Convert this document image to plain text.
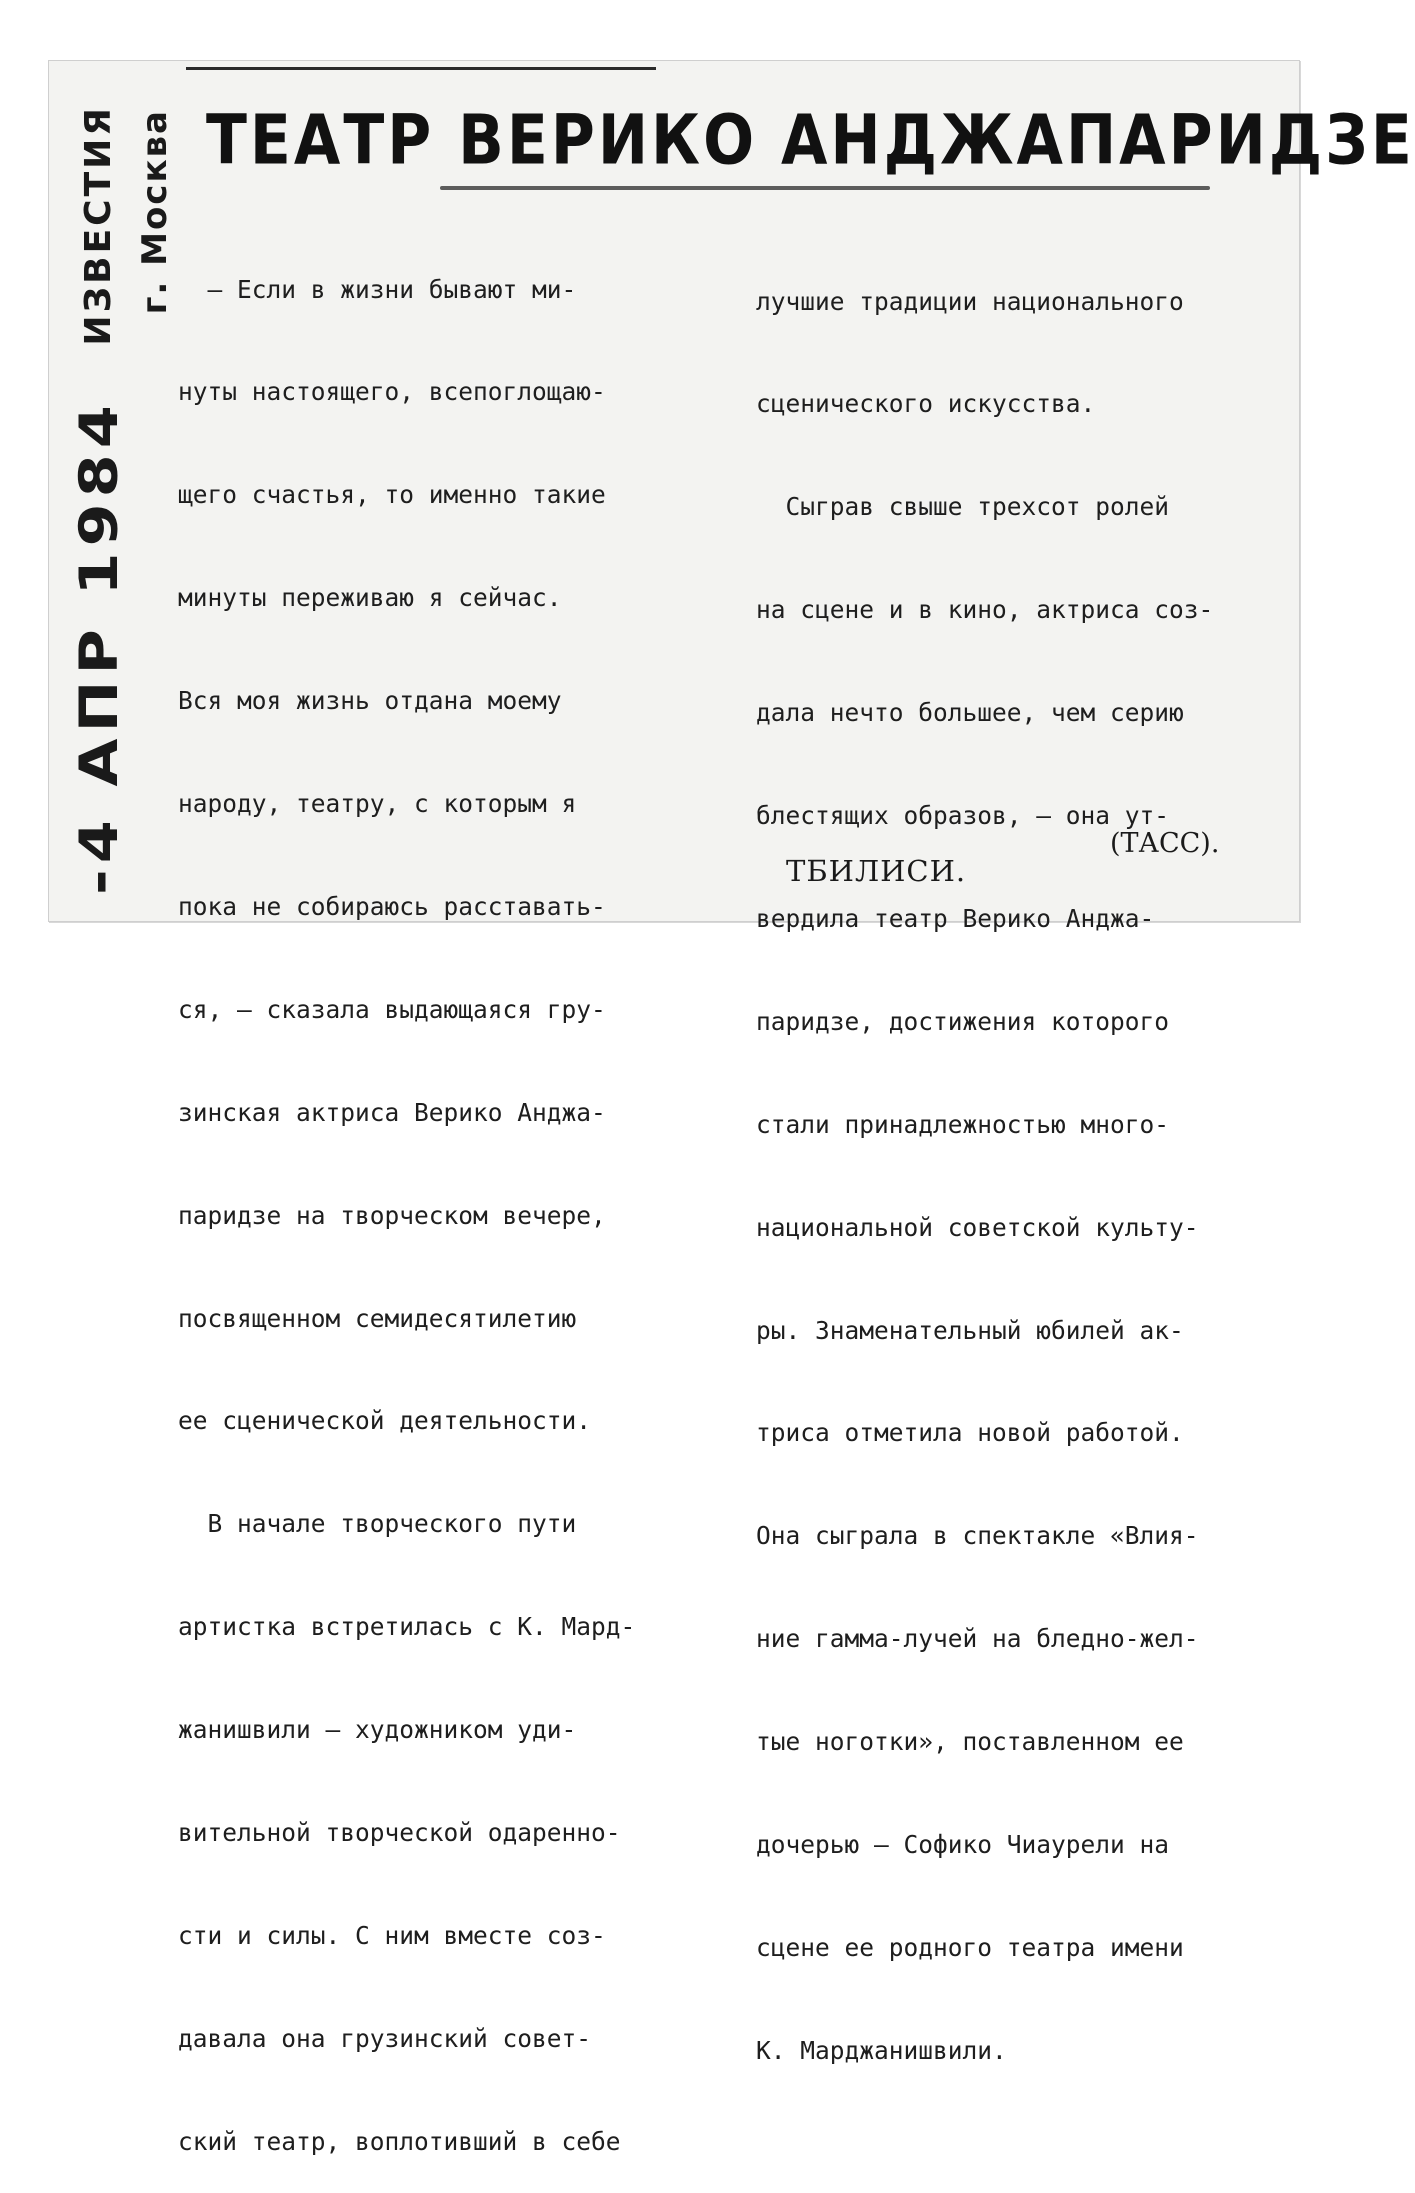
-4 АПР 1984
ИЗВЕСТИЯ г. Москва ТЕАТР ВЕРИКО АНДЖАПАРИДЗЕ

— Если в жизни бывают ми-

нуты настоящего, всепоглощаю-

щего счастья, то именно такие

минуты переживаю я сейчас.

Вся моя жизнь отдана моему

народу, театру, с которым я

пока не собираюсь расставать-

ся, — сказала выдающаяся гру-

зинская актриса Верико Анджа-

паридзе на творческом вечере,

посвященном семидесятилетию

ее сценической деятельности.

В начале творческого пути

артистка встретилась с К. Мард-

жанишвили — художником уди-

вительной творческой одаренно-

сти и силы. С ним вместе соз-

давала она грузинский совет-

ский театр, воплотивший в себе

лучшие традиции национального

сценического искусства.

Сыграв свыше трехсот ролей

на сцене и в кино, актриса соз-

дала нечто большее, чем серию

блестящих образов, — она ут-

вердила театр Верико Анджа-

паридзе, достижения которого

стали принадлежностью много-

национальной советской культу-

ры. Знаменательный юбилей ак-

триса отметила новой работой.

Она сыграла в спектакле «Влия-

ние гамма-лучей на бледно-жел-

тые ноготки», поставленном ее

дочерью — Софико Чиаурели на

сцене ее родного театра имени

К. Марджанишвили.

(ТАСС).
ТБИЛИСИ.
